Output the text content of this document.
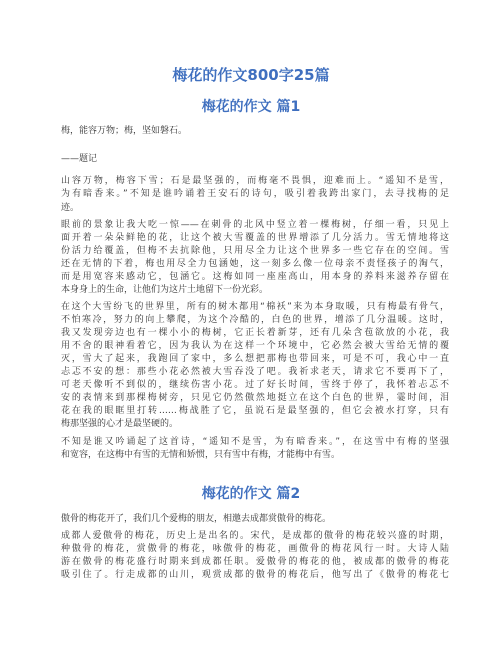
梅花的作文800字25篇
梅花的作文 篇1
梅，能容万物；梅，坚如磐石。
——题记
山容万物，梅容下雪；石是最坚强的，而梅毫不畏惧，迎难而上。“遥知不是雪，
为有暗香来。”不知是谁吟诵着王安石的诗句，吸引着我跨出家门，去寻找梅的足
迹。
眼前的景象让我大吃一惊——在刺骨的北风中竖立着一棵梅树，仔细一看，只见上
面开着一朵朵鲜艳的花，让这个被大雪覆盖的世界增添了几分活力。雪无情地将这
份活力给覆盖，但梅不去抗除他，只用尽全力让这个世界多一些它存在的空间。雪
还在无情的下着，梅也用尽全力包涵她，这一刻多么像一位母亲不责怪孩子的淘气，
而是用宽容来感动它，包涵它。这梅如同一座座高山，用本身的养料来滋养存留在
本身身上的生命，让他们为这片土地留下一份光彩。
在这个大雪纷飞的世界里，所有的树木都用“棉袄”来为本身取暖，只有梅最有骨气，
不怕寒冷，努力的向上攀爬，为这个冷酷的，白色的世界，增添了几分温暖。这时，
我又发现旁边也有一棵小小的梅树，它正长着新芽，还有几朵含苞欲放的小花，我
用不舍的眼神看着它，因为我认为在这样一个环境中，它必然会被大雪给无情的覆
灭，雪大了起来，我跑回了家中，多么想把那梅也带回来，可是不可，我心中一直
忐忑不安的想：那些小花必然被大雪吞没了吧。我祈求老天，请求它不要再下了，
可老天像听不到似的，继续伤害小花。过了好长时间，雪终于停了，我怀着忐忑不
安的表情来到那棵梅树旁，只见它仍然傲然地挺立在这个白色的世界，霎时间，泪
花在我的眼眶里打转……梅战胜了它，虽说石是最坚强的，但它会被水打穿，只有
梅那坚强的心才是最坚硬的。
不知是谁又吟诵起了这首诗，“遥知不是雪，为有暗香来。”，在这雪中有梅的坚强
和宽容，在这梅中有雪的无情和娇惯，只有雪中有梅，才能梅中有雪。
梅花的作文 篇2
傲骨的梅花开了，我们几个爱梅的朋友，相邀去成都赏傲骨的梅花。
成都人爱傲骨的梅花，历史上是出名的。宋代，是成都的傲骨的梅花较兴盛的时期，
种傲骨的梅花，赏傲骨的梅花，咏傲骨的梅花，画傲骨的梅花风行一时。大诗人陆
游在傲骨的梅花盛行时期来到成都任职。爱傲骨的梅花的他，被成都的傲骨的梅花
吸引住了。行走成都的山川，观赏成都的傲骨的梅花后，他写出了《傲骨的梅花七
